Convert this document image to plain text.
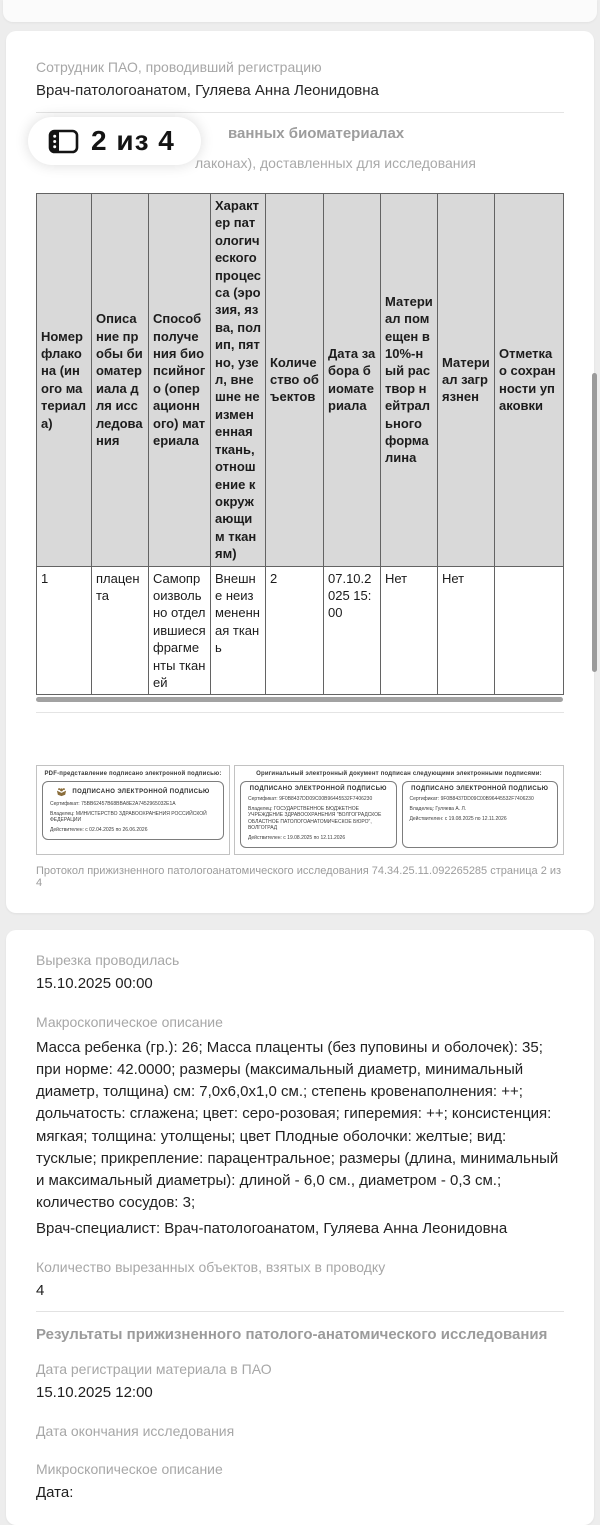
Сотрудник ПАО, проводивший регистрацию
Врач-патологоанатом, Гуляева Анна Леонидовна
ванных биоматериалах
лаконах), доставленных для исследования
2 из 4
Номер флакона (иного материала)	Описание пробы биоматериала для исследования	Способ получения биопсийного (операционного) материала	Характер патологического процесса (эрозия, язва, полип, пятно, узел, внешне не измененная ткань, отношение к окружающим тканям)	Количество объектов	Дата забора биоматериала	Материал помещен в 10%-ный раствор нейтрального формалина	Материал загрязнен	Отметка о сохранности упаковки
1	плацента	Самопроизвольно отделившиеся фрагменты тканей	Внешне неизмененная ткань	2	07.10.2025 15:00	Нет	Нет	
PDF-представление подписано электронной подписью:
ПОДПИСАНО ЭЛЕКТРОННОЙ ПОДПИСЬЮ
Сертификат: 75BB62457B68BBA8E2A7452965032E1A
Владелец: МИНИСТЕРСТВО ЗДРАВООХРАНЕНИЯ РОССИЙСКОЙ ФЕДЕРАЦИИ
Действителен: с 02.04.2025 по 26.06.2026
Оригинальный электронный документ подписан следующими электронными подписями:
ПОДПИСАНО ЭЛЕКТРОННОЙ ПОДПИСЬЮ
Сертификат: 9F0B8437DD09C00B96445532F7406230
Владелец: ГОСУДАРСТВЕННОЕ БЮДЖЕТНОЕ УЧРЕЖДЕНИЕ ЗДРАВООХРАНЕНИЯ "ВОЛГОГРАДСКОЕ ОБЛАСТНОЕ ПАТОЛОГОАНАТОМИЧЕСКОЕ БЮРО", ВОЛГОГРАД
Действителен: с 19.08.2025 по 12.11.2026
ПОДПИСАНО ЭЛЕКТРОННОЙ ПОДПИСЬЮ
Сертификат: 9F0B8437DD09C00B96445532F7406230
Владелец: Гуляева А. Л.
Действителен: с 19.08.2025 по 12.11.2026
Протокол прижизненного патологоанатомического исследования 74.34.25.11.092265285 страница 2 из 4
Вырезка проводилась
15.10.2025 00:00
Макроскопическое описание
Масса ребенка (гр.): 26; Масса плаценты (без пуповины и оболочек): 35; при норме: 42.0000; размеры (максимальный диаметр, минимальный диаметр, толщина) см: 7,0х6,0х1,0 см.; степень кровенаполнения: ++; дольчатость: сглажена; цвет: серо-розовая; гиперемия: ++; консистенция: мягкая; толщина: утолщены; цвет Плодные оболочки: желтые; вид: тусклые; прикрепление: парацентральное; размеры (длина, минимальный и максимальный диаметры): длиной - 6,0 см., диаметром - 0,3 см.; количество сосудов: 3;
Врач-специалист: Врач-патологоанатом, Гуляева Анна Леонидовна
Количество вырезанных объектов, взятых в проводку
4
Результаты прижизненного патолого-анатомического исследования
Дата регистрации материала в ПАО
15.10.2025 12:00
Дата окончания исследования
Микроскопическое описание
Дата:
